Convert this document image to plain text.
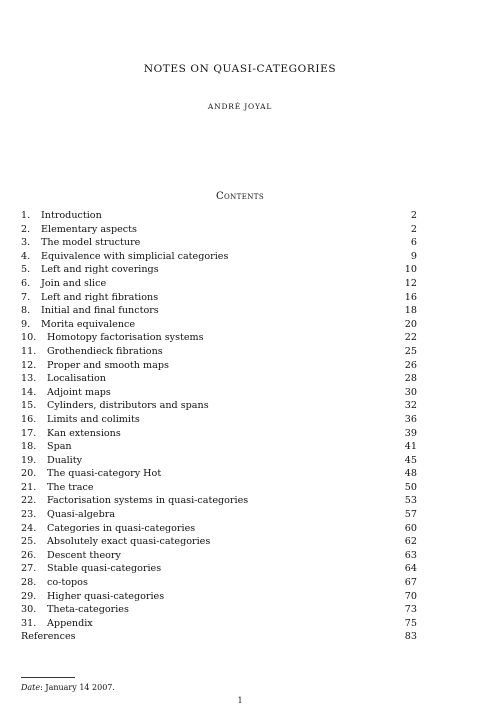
NOTES ON QUASI-CATEGORIES
ANDRÉ JOYAL
Contents
1. Introduction	2
2. Elementary aspects	2
3. The model structure	6
4. Equivalence with simplicial categories	9
5. Left and right coverings	10
6. Join and slice	12
7. Left and right fibrations	16
8. Initial and final functors	18
9. Morita equivalence	20
10. Homotopy factorisation systems	22
11. Grothendieck fibrations	25
12. Proper and smooth maps	26
13. Localisation	28
14. Adjoint maps	30
15. Cylinders, distributors and spans	32
16. Limits and colimits	36
17. Kan extensions	39
18. Span	41
19. Duality	45
20. The quasi-category Hot	48
21. The trace	50
22. Factorisation systems in quasi-categories	53
23. Quasi-algebra	57
24. Categories in quasi-categories	60
25. Absolutely exact quasi-categories	62
26. Descent theory	63
27. Stable quasi-categories	64
28. co-topos	67
29. Higher quasi-categories	70
30. Theta-categories	73
31. Appendix	75
References	83
Date: January 14 2007.
1
